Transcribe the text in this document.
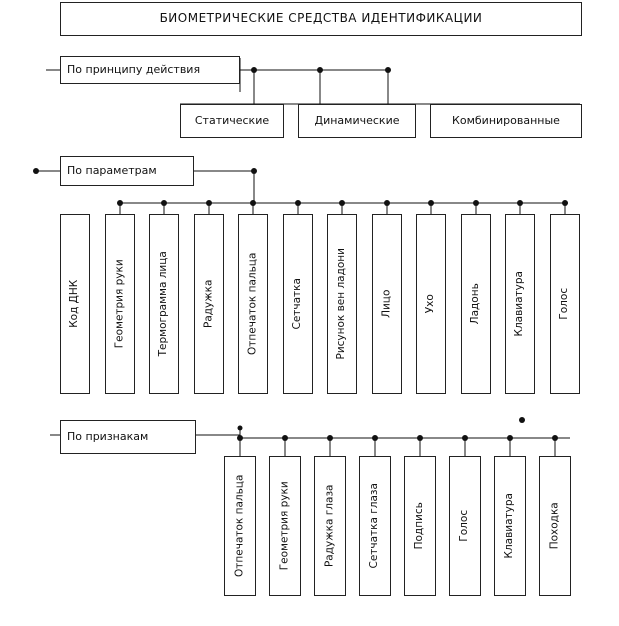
БИОМЕТРИЧЕСКИЕ СРЕДСТВА ИДЕНТИФИКАЦИИ
По принципу действия
Статические	Динамические	Комбинированные
По параметрам
Код ДНК	Геометрия руки	Термограмма лица	Радужка	Отпечаток пальца	Сетчатка	Рисунок вен ладони	Лицо	Ухо	Ладонь	Клавиатура	Голос
По признакам
Отпечаток пальца	Геометрия руки	Радужка глаза	Сетчатка глаза	Подпись	Голос	Клавиатура	Походка
